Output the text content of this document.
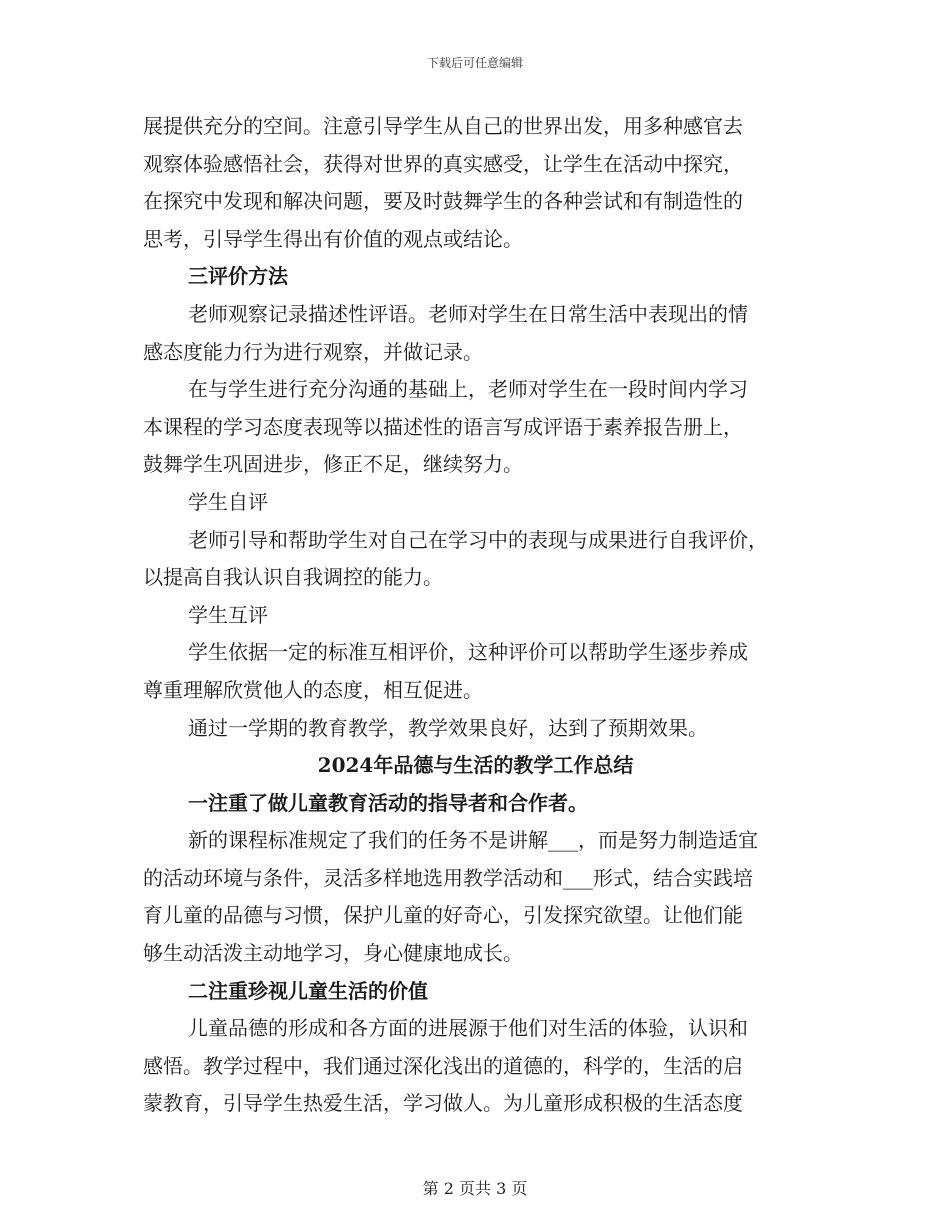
下载后可任意编辑
展提供充分的空间。注意引导学生从自己的世界出发，用多种感官去
观察体验感悟社会，获得对世界的真实感受，让学生在活动中探究，
在探究中发现和解决问题，要及时鼓舞学生的各种尝试和有制造性的
思考，引导学生得出有价值的观点或结论。
三评价方法
老师观察记录描述性评语。老师对学生在日常生活中表现出的情
感态度能力行为进行观察，并做记录。
在与学生进行充分沟通的基础上，老师对学生在一段时间内学习
本课程的学习态度表现等以描述性的语言写成评语于素养报告册上，
鼓舞学生巩固进步，修正不足，继续努力。
学生自评
老师引导和帮助学生对自己在学习中的表现与成果进行自我评价，
以提高自我认识自我调控的能力。
学生互评
学生依据一定的标准互相评价，这种评价可以帮助学生逐步养成
尊重理解欣赏他人的态度，相互促进。
通过一学期的教育教学，教学效果良好，达到了预期效果。
2024年品德与生活的教学工作总结
一注重了做儿童教育活动的指导者和合作者。
新的课程标准规定了我们的任务不是讲解___，而是努力制造适宜
的活动环境与条件，灵活多样地选用教学活动和___形式，结合实践培
育儿童的品德与习惯，保护儿童的好奇心，引发探究欲望。让他们能
够生动活泼主动地学习，身心健康地成长。
二注重珍视儿童生活的价值
儿童品德的形成和各方面的进展源于他们对生活的体验，认识和
感悟。教学过程中，我们通过深化浅出的道德的，科学的，生活的启
蒙教育，引导学生热爱生活，学习做人。为儿童形成积极的生活态度
第 2 页共 3 页
